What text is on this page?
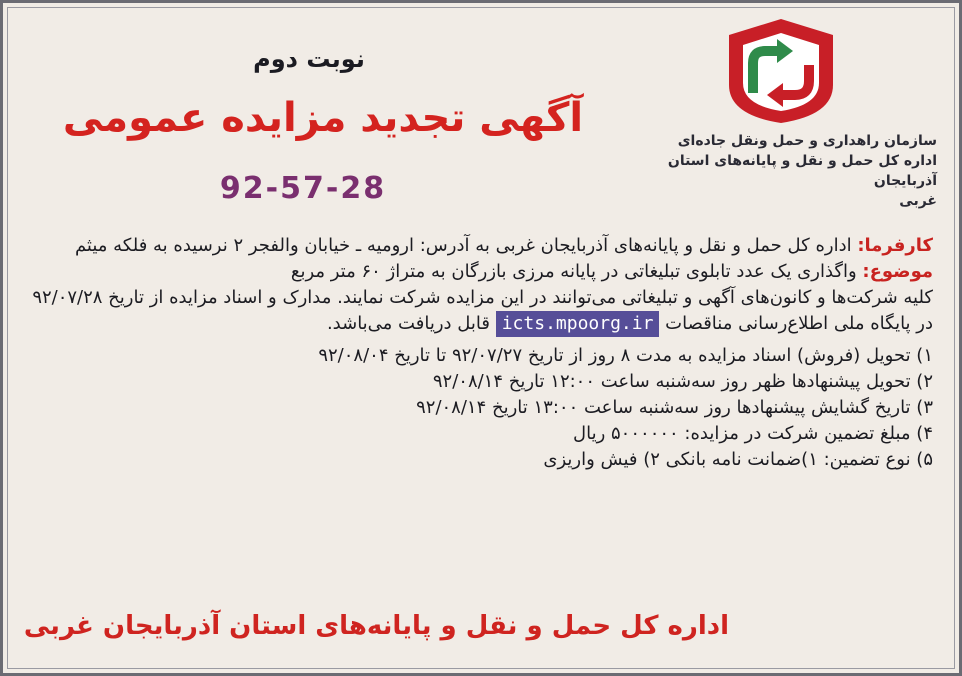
سازمان راهداری و حمل ونقل جاده‌ای
اداره کل حمل و نقل و پایانه‌های استان آذربایجان
غربی
نوبت دوم
آگهی تجدید مزایده عمومی
92-57-28

کارفرما: اداره کل حمل و نقل و پایانه‌های آذربایجان غربی به آدرس: ارومیه ـ خیابان والفجر ۲ نرسیده به فلکه میثم

موضوع: واگذاری یک عدد تابلوی تبلیغاتی در پایانه مرزی بازرگان به متراژ ۶۰ متر مربع

کلیه شرکت‌ها و کانون‌های آگهی و تبلیغاتی می‌توانند در این مزایده شرکت نمایند. مدارک و اسناد مزایده از تاریخ ۹۲/۰۷/۲۸ در پایگاه ملی اطلاع‌رسانی مناقصات icts.mpoorg.ir قابل دریافت می‌باشد.

۱) تحویل (فروش) اسناد مزایده به مدت ۸ روز از تاریخ ۹۲/۰۷/۲۷ تا تاریخ ۹۲/۰۸/۰۴

۲) تحویل پیشنهادها ظهر روز سه‌شنبه ساعت ۱۲:۰۰ تاریخ ۹۲/۰۸/۱۴

۳) تاریخ گشایش پیشنهادها روز سه‌شنبه ساعت ۱۳:۰۰ تاریخ ۹۲/۰۸/۱۴

۴) مبلغ تضمین شرکت در مزایده: ۵۰۰۰۰۰۰ ریال

۵) نوع تضمین: ۱)ضمانت نامه بانکی ۲) فیش واریزی

اداره کل حمل و نقل و پایانه‌های استان آذربایجان غربی
